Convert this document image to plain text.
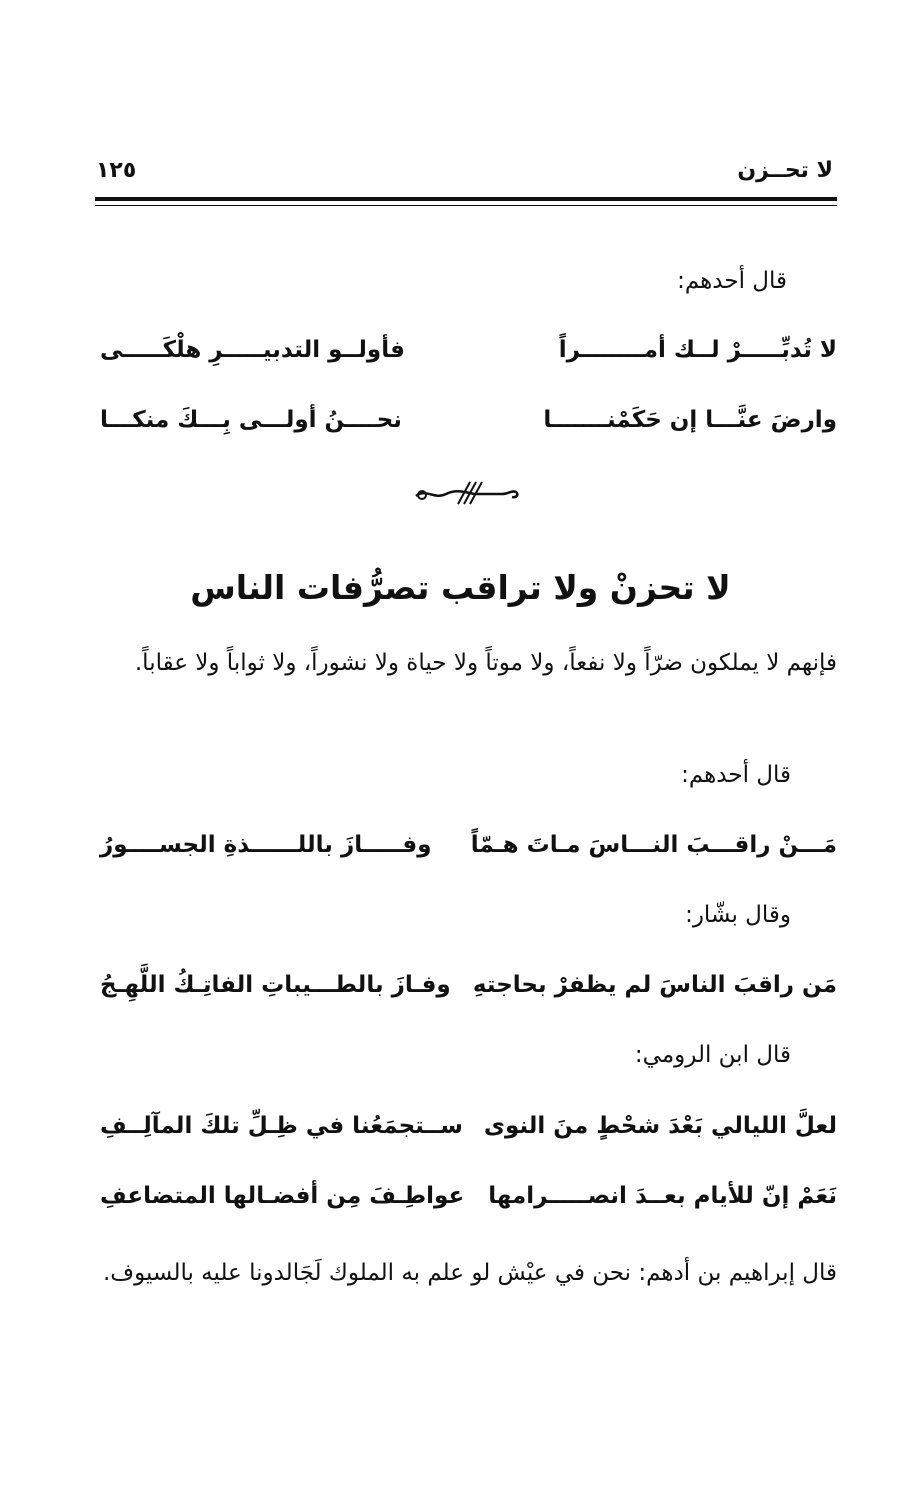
لا تحــزن
١٢٥
قال أحدهم:
لا تُدبِّـــــرْ لــك أمــــــــراً
فأولــو التدبيـــــرِ هلْكَـــــى
وارضَ عنَّـــا إن حَكَمْنـــــــا
نحــــنُ أولـــى بِـــكَ منكـــا
لا تحزنْ ولا تراقب تصرُّفات الناس
فإنهم لا يملكون ضرّاً ولا نفعاً، ولا موتاً ولا حياة ولا نشوراً، ولا ثواباً ولا عقاباً.
قال أحدهم:
مَـــنْ راقـــبَ النـــاسَ مـاتَ هـمّاً
وفـــــازَ باللــــــذةِ الجســــورُ
وقال بشّار:
مَن راقبَ الناسَ لم يظفرْ بحاجتهِ
وفـازَ بالطـــيباتِ الفاتِـكُ اللَّهِـجُ
قال ابن الرومي:
لعلَّ الليالي بَعْدَ شحْطٍ منَ النوى
ســتجمَعُنا في ظِـلِّ تلكَ المآلِــفِ
نَعَمْ إنّ للأيام بعــدَ انصـــــرامها
عواطِـفَ مِن أفضـالها المتضاعفِ
قال إبراهيم بن أدهم: نحن في عيْش لو علم به الملوك لَجَالدونا عليه بالسيوف.
